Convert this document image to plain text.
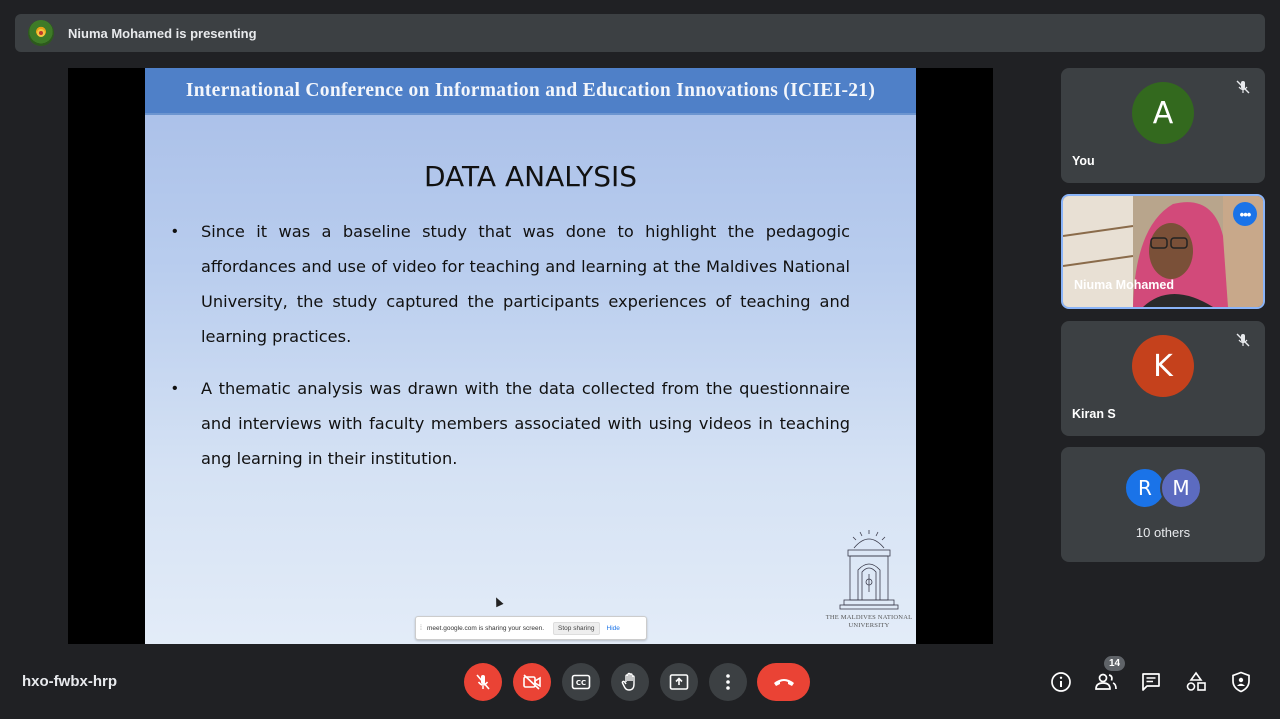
Niuma Mohamed is presenting
International Conference on Information and Education Innovations (ICIEI-21)
DATA ANALYSIS
•	Since it was a baseline study that was done to highlight the pedagogic affordances and use of video for teaching and learning at the Maldives National University, the study captured the participants experiences of teaching and learning practices.
•	A thematic analysis was drawn with the data collected from the questionnaire and interviews with faculty members associated with using videos in teaching ang learning in their institution.
THE MALDIVES NATIONAL
UNIVERSITY
⁞ meet.google.com is sharing your screen.	Stop sharing	Hide
A
You
•••
Niuma Mohamed
K
Kiran S
R	M
10 others
hxo-fwbx-hrp	CC
14
